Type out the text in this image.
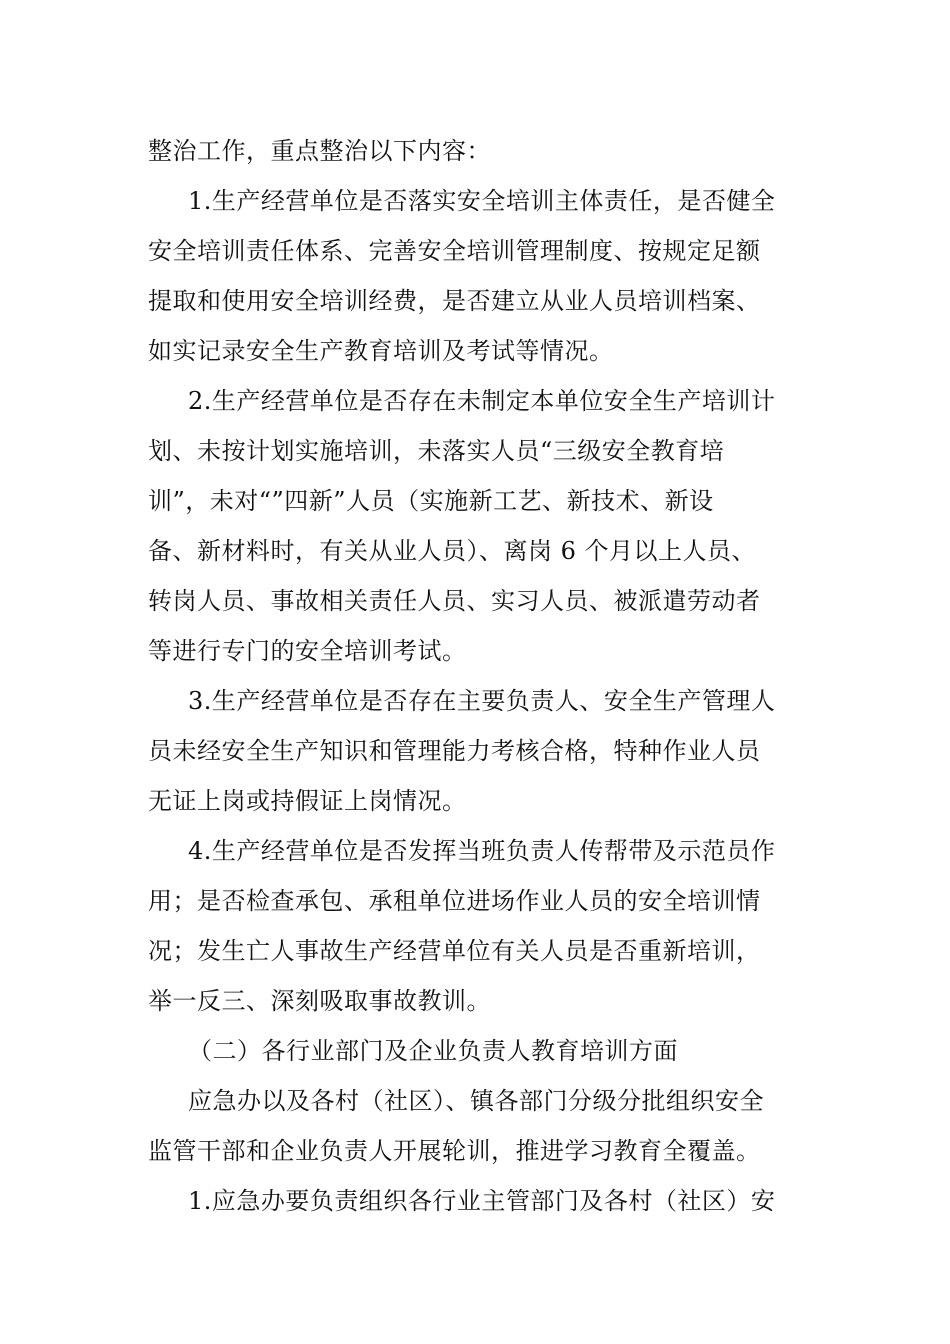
整治工作，重点整治以下内容：

1.生产经营单位是否落实安全培训主体责任，是否健全

安全培训责任体系、完善安全培训管理制度、按规定足额

提取和使用安全培训经费，是否建立从业人员培训档案、

如实记录安全生产教育培训及考试等情况。

2.生产经营单位是否存在未制定本单位安全生产培训计

划、未按计划实施培训，未落实人员“三级安全教育培

训”，未对“”四新”人员（实施新工艺、新技术、新设

备、新材料时，有关从业人员）、离岗 6 个月以上人员、

转岗人员、事故相关责任人员、实习人员、被派遣劳动者

等进行专门的安全培训考试。

3.生产经营单位是否存在主要负责人、安全生产管理人

员未经安全生产知识和管理能力考核合格，特种作业人员

无证上岗或持假证上岗情况。

4.生产经营单位是否发挥当班负责人传帮带及示范员作

用；是否检查承包、承租单位进场作业人员的安全培训情

况；发生亡人事故生产经营单位有关人员是否重新培训，

举一反三、深刻吸取事故教训。

（二）各行业部门及企业负责人教育培训方面

应急办以及各村（社区）、镇各部门分级分批组织安全

监管干部和企业负责人开展轮训，推进学习教育全覆盖。

1.应急办要负责组织各行业主管部门及各村（社区）安
